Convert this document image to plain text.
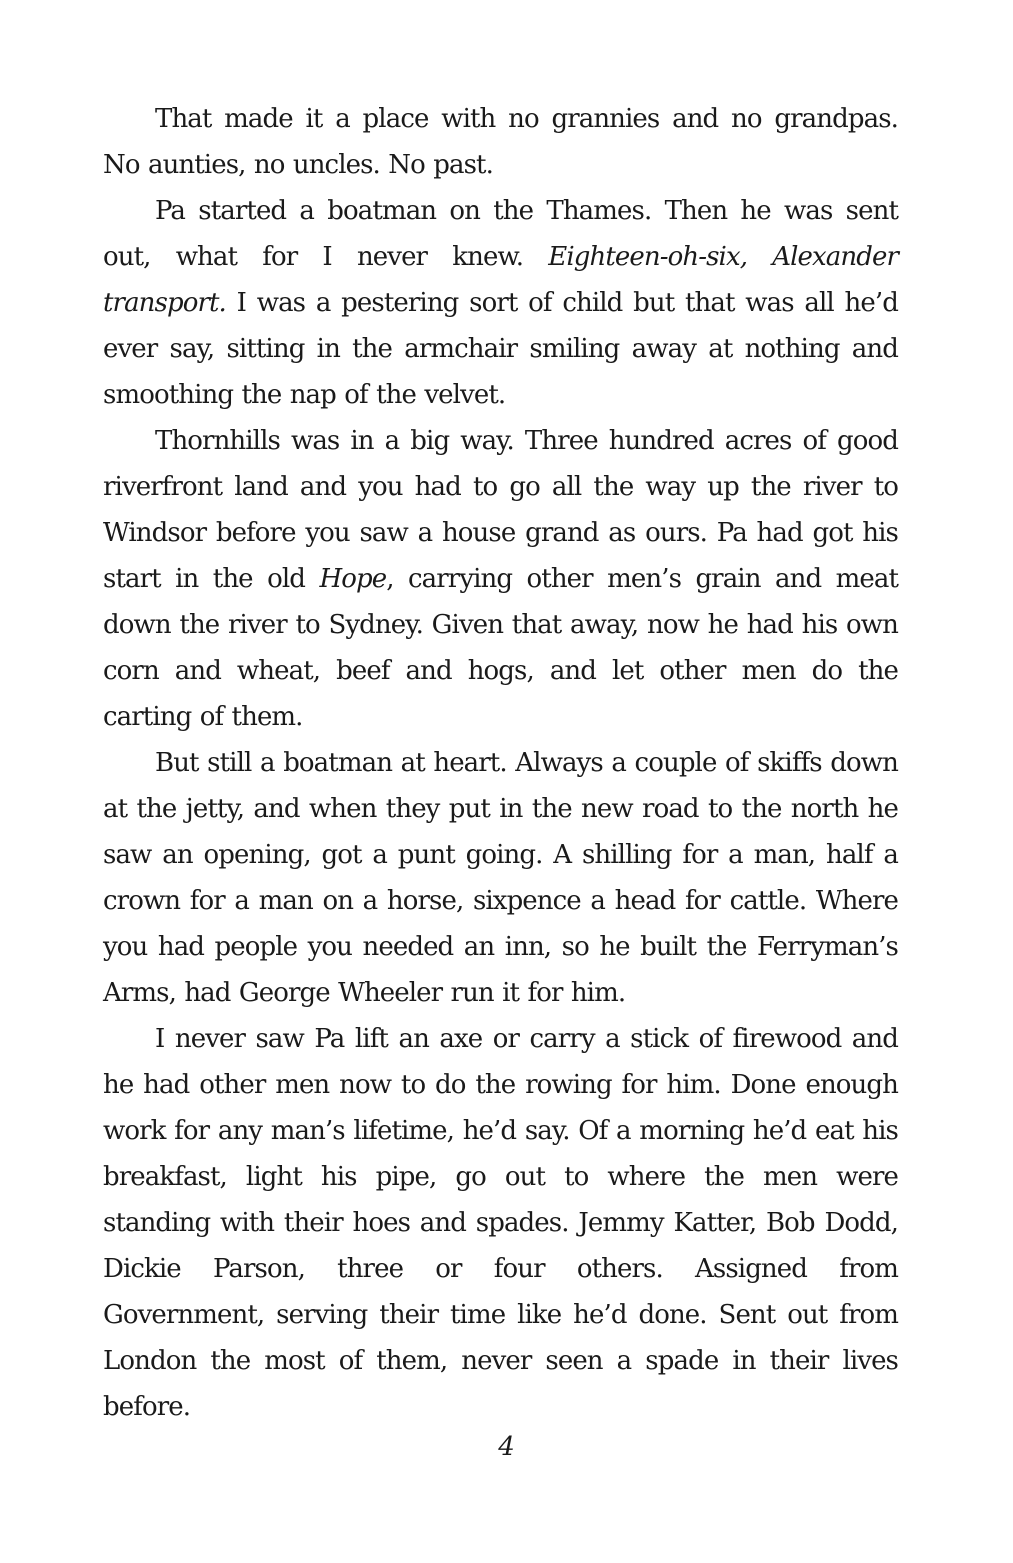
That made it a place with no grannies and no grandpas. No aunties, no uncles. No past.

Pa started a boatman on the Thames. Then he was sent out, what for I never knew. Eighteen-oh-six, Alexander transport. I was a pestering sort of child but that was all he’d ever say, sitting in the armchair smiling away at nothing and smoothing the nap of the velvet.

Thornhills was in a big way. Three hundred acres of good riverfront land and you had to go all the way up the river to Windsor before you saw a house grand as ours. Pa had got his start in the old Hope, carrying other men’s grain and meat down the river to Sydney. Given that away, now he had his own corn and wheat, beef and hogs, and let other men do the carting of them.

But still a boatman at heart. Always a couple of skiffs down at the jetty, and when they put in the new road to the north he saw an opening, got a punt going. A shilling for a man, half a crown for a man on a horse, sixpence a head for cattle. Where you had people you needed an inn, so he built the Ferryman’s Arms, had George Wheeler run it for him.

I never saw Pa lift an axe or carry a stick of firewood and he had other men now to do the rowing for him. Done enough work for any man’s lifetime, he’d say. Of a morning he’d eat his breakfast, light his pipe, go out to where the men were standing with their hoes and spades. Jemmy Katter, Bob Dodd, Dickie Parson, three or four others. Assigned from Government, serving their time like he’d done. Sent out from London the most of them, never seen a spade in their lives before.

4
